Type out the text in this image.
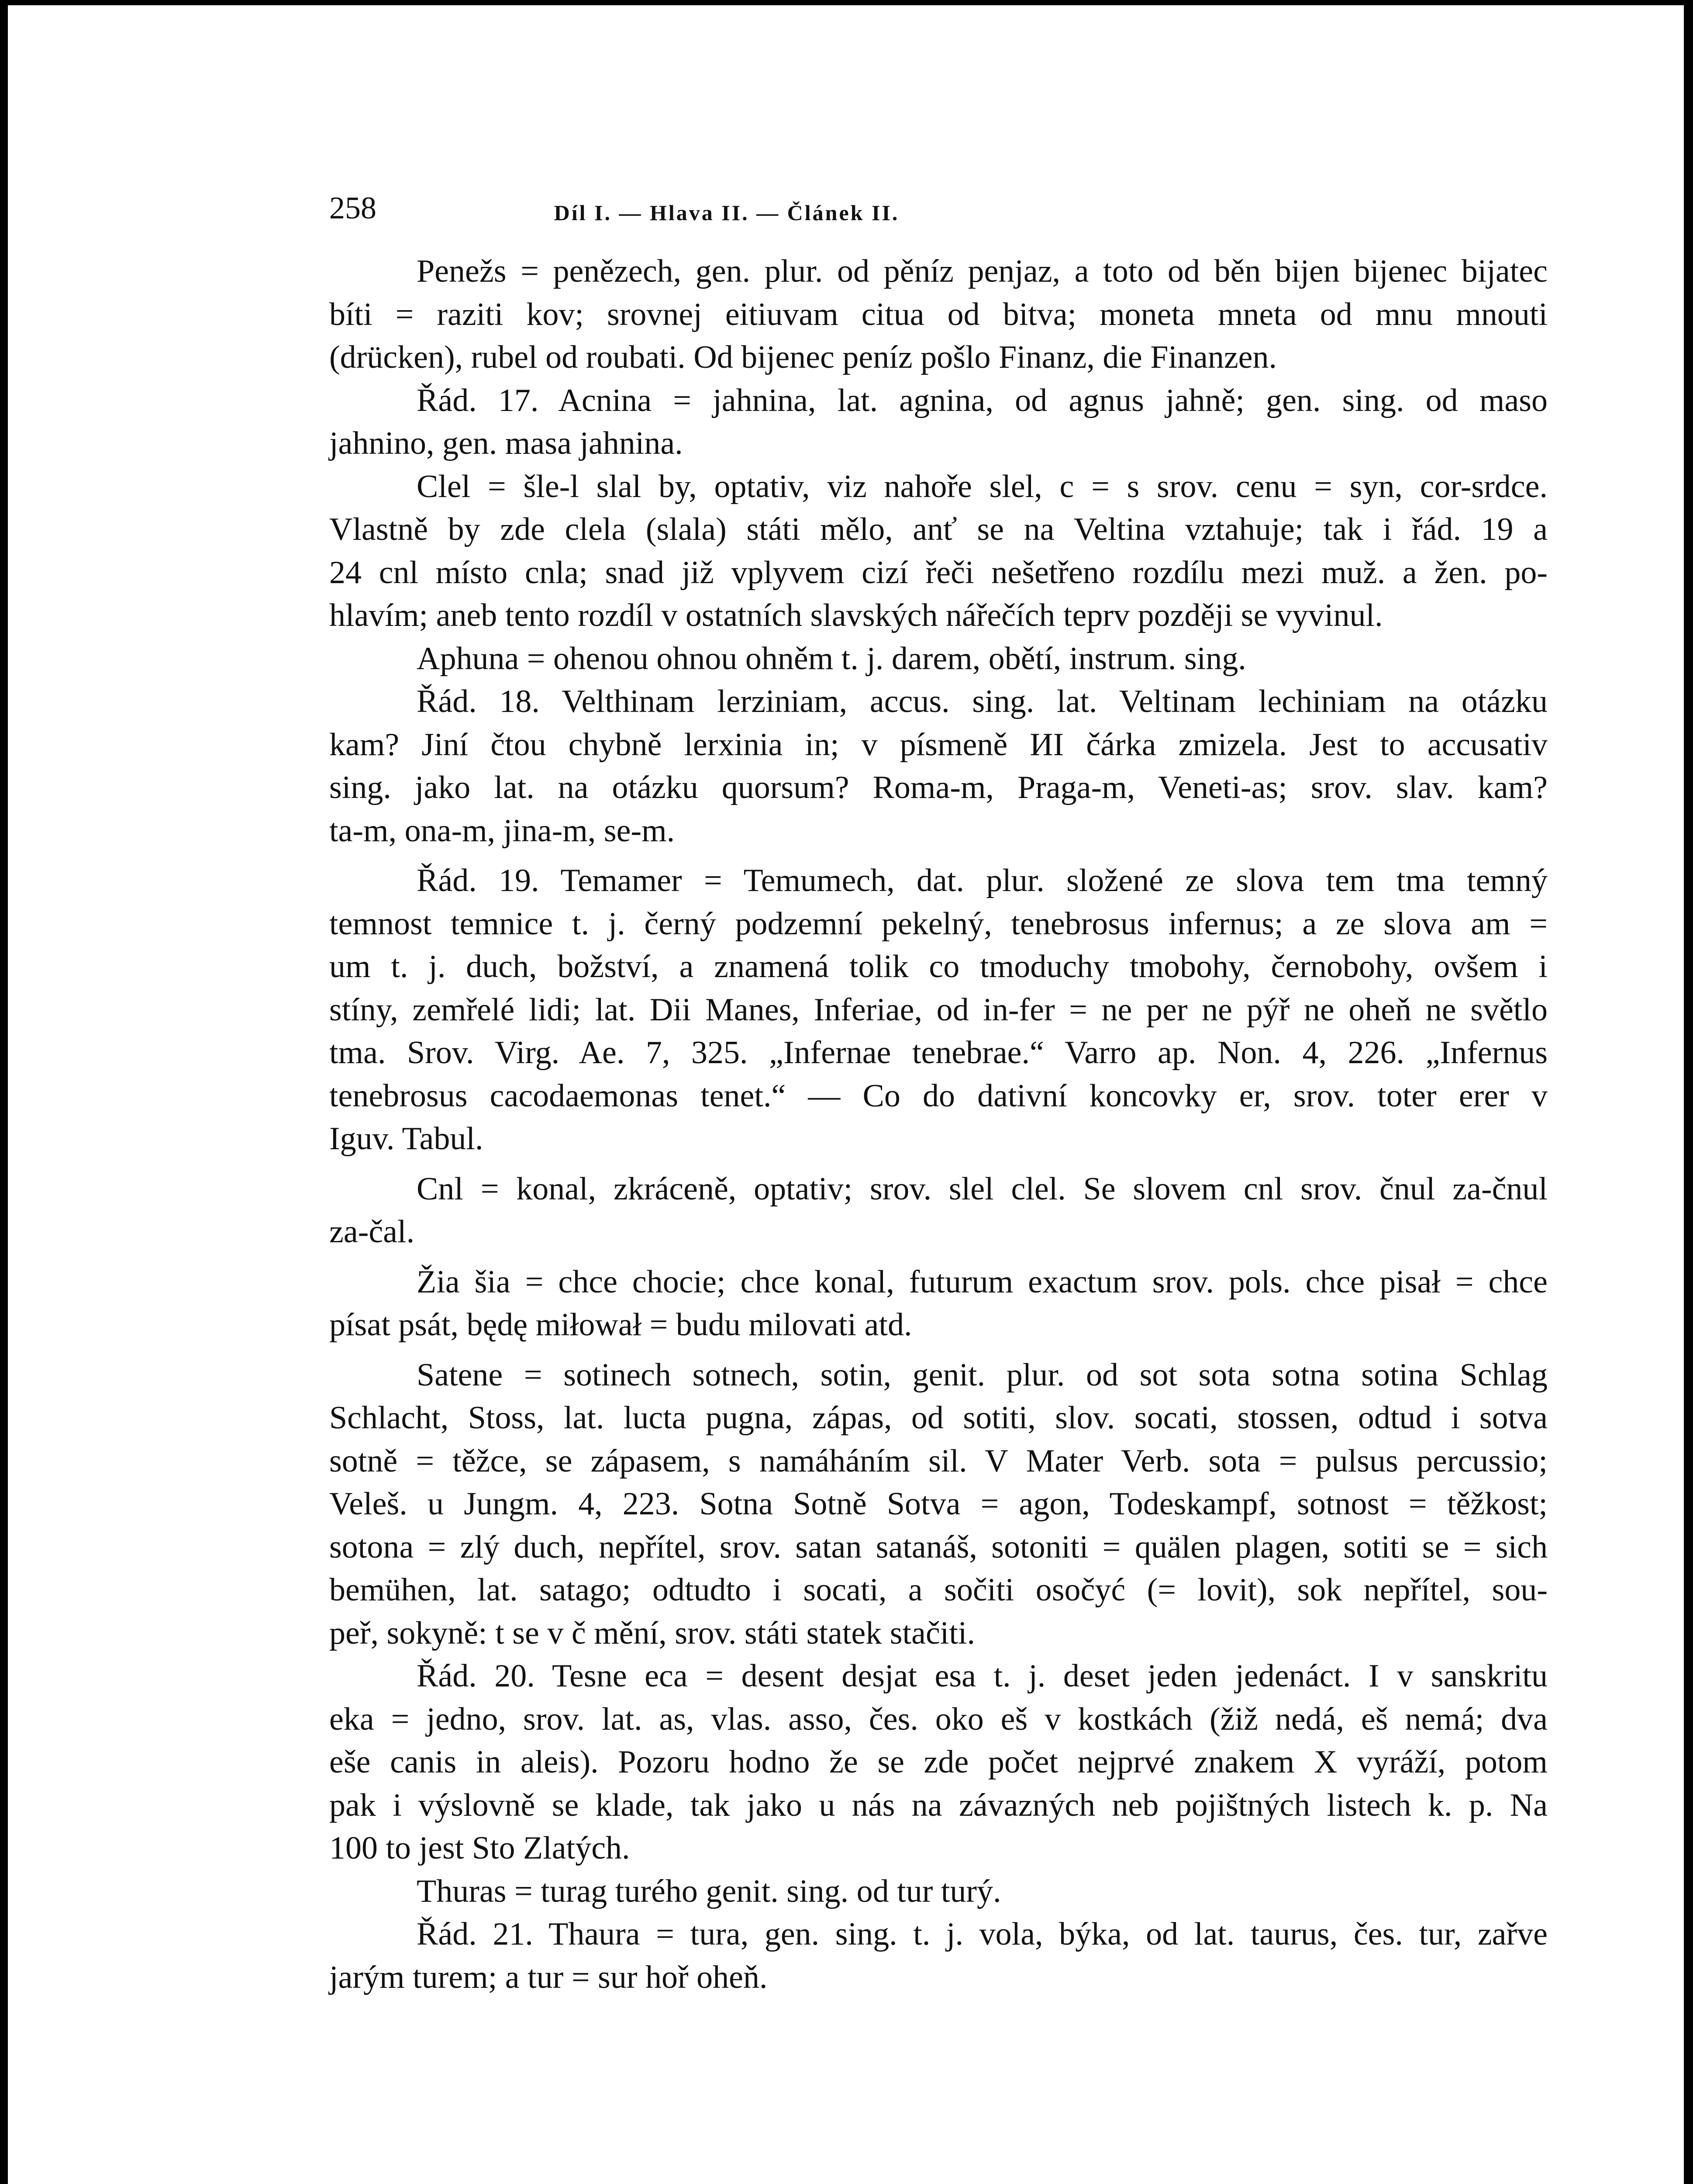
258	Díl I. — Hlava II. — Článek II.

Penežs = penězech, gen. plur. od pěníz penjaz, a toto od běn bijen bijenec bijatec
bíti = raziti kov; srovnej eitiuvam citua od bitva; moneta mneta od mnu mnouti
(drücken), rubel od roubati. Od bijenec peníz pošlo Finanz, die Finanzen.

Řád. 17. Acnina = jahnina, lat. agnina, od agnus jahně; gen. sing. od maso
jahnino, gen. masa jahnina.

Clel = šle-l slal by, optativ, viz nahoře slel, c = s srov. cenu = syn, cor-srdce.
Vlastně by zde clela (slala) státi mělo, anť se na Veltina vztahuje; tak i řád. 19 a
24 cnl místo cnla; snad již vplyvem cizí řeči nešetřeno rozdílu mezi muž. a žen. po-
hlavím; aneb tento rozdíl v ostatních slavských nářečích teprv později se vyvinul.

Aphuna = ohenou ohnou ohněm t. j. darem, obětí, instrum. sing.

Řád. 18. Velthinam lerziniam, accus. sing. lat. Veltinam lechiniam na otázku
kam? Jiní čtou chybně lerxinia in; v písmeně ИI čárka zmizela. Jest to accusativ
sing. jako lat. na otázku quorsum? Roma-m, Praga-m, Veneti-as; srov. slav. kam?
ta-m, ona-m, jina-m, se-m.

Řád. 19. Temamer = Temumech, dat. plur. složené ze slova tem tma temný
temnost temnice t. j. černý podzemní pekelný, tenebrosus infernus; a ze slova am =
um t. j. duch, božství, a znamená tolik co tmoduchy tmobohy, černobohy, ovšem i
stíny, zemřelé lidi; lat. Dii Manes, Inferiae, od in-fer = ne per ne pýř ne oheň ne světlo
tma. Srov. Virg. Ae. 7, 325. „Infernae tenebrae.“ Varro ap. Non. 4, 226. „Infernus
tenebrosus cacodaemonas tenet.“ — Co do dativní koncovky er, srov. toter erer v
Iguv. Tabul.

Cnl = konal, zkráceně, optativ; srov. slel clel. Se slovem cnl srov. čnul za-čnul
za-čal.

Žia šia = chce chocie; chce konal, futurum exactum srov. pols. chce pisał = chce
písat psát, będę miłował = budu milovati atd.

Satene = sotinech sotnech, sotin, genit. plur. od sot sota sotna sotina Schlag
Schlacht, Stoss, lat. lucta pugna, zápas, od sotiti, slov. socati, stossen, odtud i sotva
sotně = těžce, se zápasem, s namáháním sil. V Mater Verb. sota = pulsus percussio;
Veleš. u Jungm. 4, 223. Sotna Sotně Sotva = agon, Todeskampf, sotnost = těžkost;
sotona = zlý duch, nepřítel, srov. satan satanáš, sotoniti = quälen plagen, sotiti se = sich
bemühen, lat. satago; odtudto i socati, a sočiti osočyć (= lovit), sok nepřítel, sou-
peř, sokyně: t se v č mění, srov. státi statek stačiti.

Řád. 20. Tesne eca = desent desjat esa t. j. deset jeden jedenáct. I v sanskritu
eka = jedno, srov. lat. as, vlas. asso, čes. oko eš v kostkách (žiž nedá, eš nemá; dva
eše canis in aleis). Pozoru hodno že se zde počet nejprvé znakem X vyráží, potom
pak i výslovně se klade, tak jako u nás na závazných neb pojištných listech k. p. Na
100 to jest Sto Zlatých.

Thuras = turag turého genit. sing. od tur turý.

Řád. 21. Thaura = tura, gen. sing. t. j. vola, býka, od lat. taurus, čes. tur, zařve
jarým turem; a tur = sur hoř oheň.
